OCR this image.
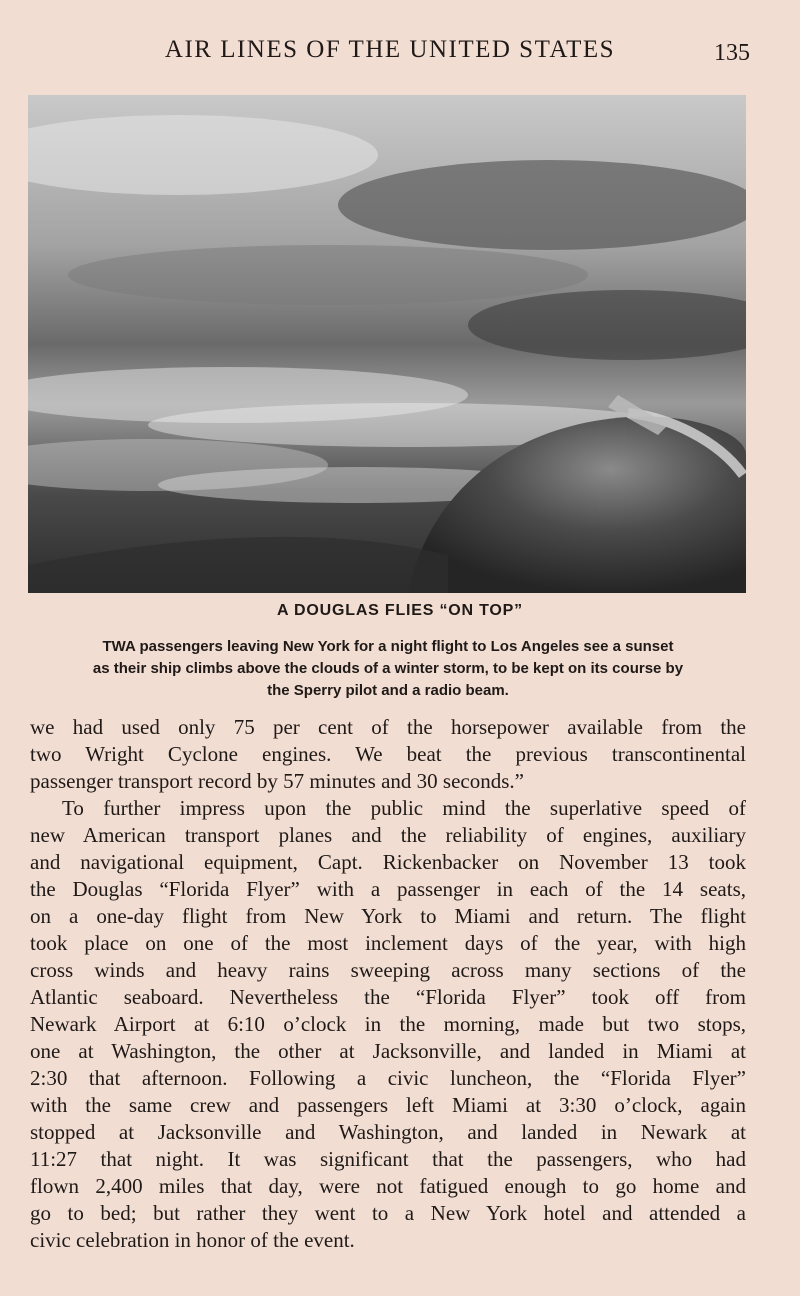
AIR LINES OF THE UNITED STATES	135
A DOUGLAS FLIES “ON TOP”
TWA passengers leaving New York for a night flight to Los Angeles see a sunset
as their ship climbs above the clouds of a winter storm, to be kept on its course by
the Sperry pilot and a radio beam.
we had used only 75 per cent of the horsepower available from the
two Wright Cyclone engines. We beat the previous transcontinental
passenger transport record by 57 minutes and 30 seconds.”
To further impress upon the public mind the superlative speed of
new American transport planes and the reliability of engines, auxiliary
and navigational equipment, Capt. Rickenbacker on November 13 took
the Douglas “Florida Flyer” with a passenger in each of the 14 seats,
on a one-day flight from New York to Miami and return. The flight
took place on one of the most inclement days of the year, with high
cross winds and heavy rains sweeping across many sections of the
Atlantic seaboard. Nevertheless the “Florida Flyer” took off from
Newark Airport at 6:10 o’clock in the morning, made but two stops,
one at Washington, the other at Jacksonville, and landed in Miami at
2:30 that afternoon. Following a civic luncheon, the “Florida Flyer”
with the same crew and passengers left Miami at 3:30 o’clock, again
stopped at Jacksonville and Washington, and landed in Newark at
11:27 that night. It was significant that the passengers, who had
flown 2,400 miles that day, were not fatigued enough to go home and
go to bed; but rather they went to a New York hotel and attended a
civic celebration in honor of the event.
